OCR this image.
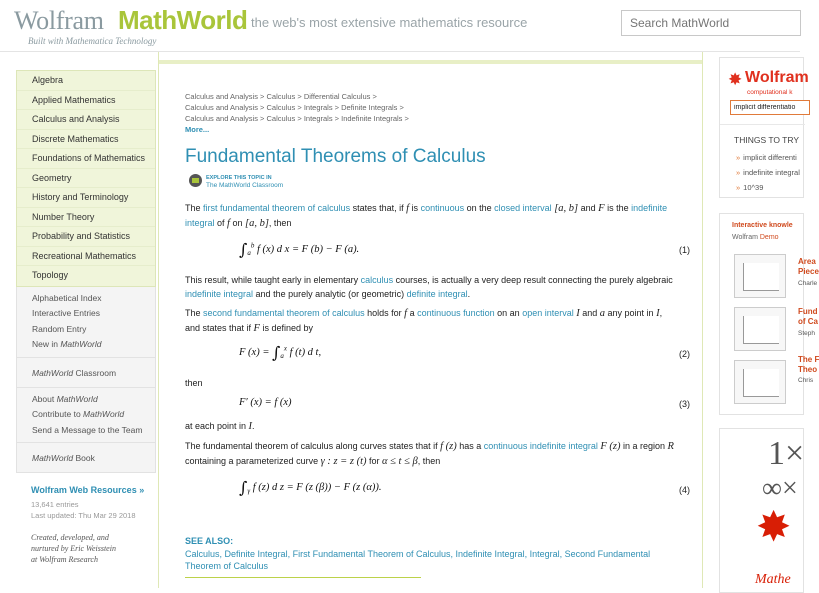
Wolfram MathWorld
Built with Mathematica Technology
the web's most extensive mathematics resource
Search MathWorld
Algebra
Applied Mathematics
Calculus and Analysis
Discrete Mathematics
Foundations of Mathematics
Geometry
History and Terminology
Number Theory
Probability and Statistics
Recreational Mathematics
Topology
Alphabetical Index
Interactive Entries
Random Entry
New in MathWorld
MathWorld Classroom
About MathWorld
Contribute to MathWorld
Send a Message to the Team
MathWorld Book
Wolfram Web Resources »
13,641 entries
Last updated: Thu Mar 29 2018
Created, developed, and
nurtured by Eric Weisstein
at Wolfram Research
Calculus and Analysis > Calculus > Differential Calculus >
Calculus and Analysis > Calculus > Integrals > Definite Integrals >
Calculus and Analysis > Calculus > Integrals > Indefinite Integrals >
More...
Fundamental Theorems of Calculus
EXPLORE THIS TOPIC IN
The MathWorld Classroom
The first fundamental theorem of calculus states that, if f is continuous on the closed interval [a, b] and F is the indefinite integral of f on [a, b], then
$\int_a^b$ f (x) d x = F (b) − F (a).	(1)
This result, while taught early in elementary calculus courses, is actually a very deep result connecting the purely algebraic indefinite integral and the purely analytic (or geometric) definite integral.
The second fundamental theorem of calculus holds for f a continuous function on an open interval I and a any point in I, and states that if F is defined by
F $(x) = \int_a^x$ f (t) d t,	(2)
then
F′ (x) = f (x)	(3)
at each point in I.
The fundamental theorem of calculus along curves states that if f (z) has a continuous indefinite integral F (z) in a region R containing a parameterized curve γ : z = z (t) for α ≤ t ≤ β, then
$\int_\gamma$ f (z) d z = F (z (β)) − F (z (α)).	(4)
SEE ALSO:
Calculus, Definite Integral, First Fundamental Theorem of Calculus, Indefinite Integral, Integral, Second Fundamental Theorem of Calculus
✸ Wolfram
computational k
implicit differentiatio
THINGS TO TRY
» implicit differenti
» indefinite integral
» 10^39
Interactive knowle
Wolfram Demo
Area
Piece
Charle
Fund
of Ca
Steph
The F
Theo
Chris
1×
∞×
✸
Mathe
